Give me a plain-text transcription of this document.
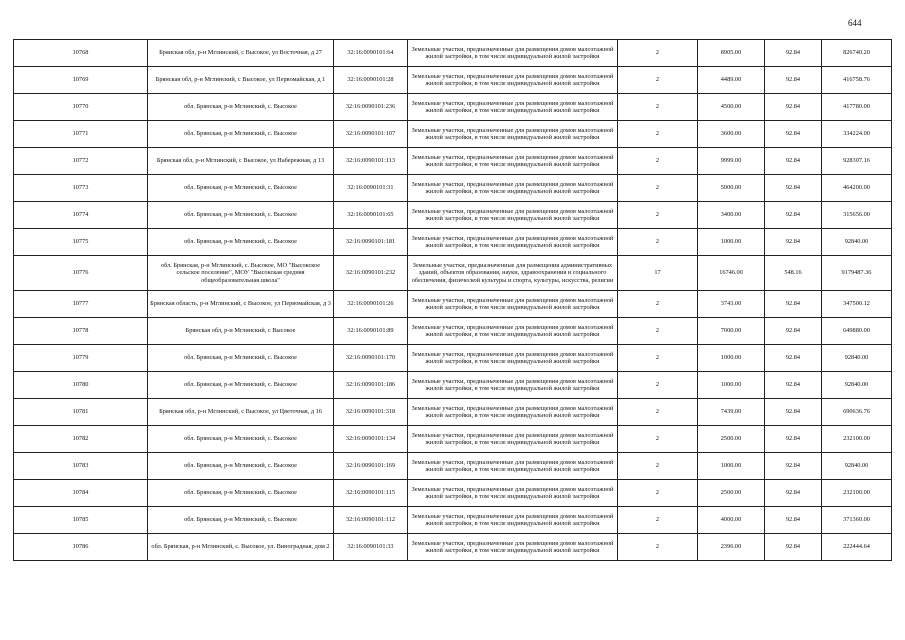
644
10768	Брянская обл, р-н Мглинский, с Высокое, ул Восточная, д 27	32:16:0090101:64	Земельные участки, предназначенные для размещения домов малоэтажной жилой застройки, в том числе индивидуальной жилой застройки	2	8905.00	92.84	826740.20
10769	Брянская обл, р-н Мглинский, с Высокое, ул Первомайская, д 1	32:16:0090101:28	Земельные участки, предназначенные для размещения домов малоэтажной жилой застройки, в том числе индивидуальной жилой застройки	2	4489.00	92.84	416758.76
10770	обл. Брянская, р-н Мглинский, с. Высокое	32:16:0090101:236	Земельные участки, предназначенные для размещения домов малоэтажной жилой застройки, в том числе индивидуальной жилой застройки	2	4500.00	92.84	417780.00
10771	обл. Брянская, р-н Мглинский, с. Высокое	32:16:0090101:107	Земельные участки, предназначенные для размещения домов малоэтажной жилой застройки, в том числе индивидуальной жилой застройки	2	3600.00	92.84	334224.00
10772	Брянская обл, р-н Мглинский, с Высокое, ул Набережная, д 13	32:16:0090101:113	Земельные участки, предназначенные для размещения домов малоэтажной жилой застройки, в том числе индивидуальной жилой застройки	2	9999.00	92.84	928307.16
10773	обл. Брянская, р-н Мглинский, с. Высокое	32:16:0090101:31	Земельные участки, предназначенные для размещения домов малоэтажной жилой застройки, в том числе индивидуальной жилой застройки	2	5000.00	92.84	464200.00
10774	обл. Брянская, р-н Мглинский, с. Высокое	32:16:0090101:65	Земельные участки, предназначенные для размещения домов малоэтажной жилой застройки, в том числе индивидуальной жилой застройки	2	3400.00	92.84	315656.00
10775	обл. Брянская, р-н Мглинский, с. Высокое	32:16:0090101:181	Земельные участки, предназначенные для размещения домов малоэтажной жилой застройки, в том числе индивидуальной жилой застройки	2	1000.00	92.84	92840.00
10776	обл. Брянская, р-н Мглинский, с. Высокое, МО "Высокское сельское поселение", МОУ "Высокская средняя общеобразовательная школа"	32:16:0090101:232	Земельные участки, предназначенные для размещения административных зданий, объектов образования, науки, здравоохранения и социального обеспечения, физической культуры и спорта, культуры, искусства, религии	17	16746.00	548.16	9179487.36
10777	Брянская область, р-н Мглинский, с Высокое, ул Первомайская, д 3	32:16:0090101:26	Земельные участки, предназначенные для размещения домов малоэтажной жилой застройки, в том числе индивидуальной жилой застройки	2	3743.00	92.84	347500.12
10778	Брянская обл, р-н Мглинский, с Высокое	32:16:0090101:89	Земельные участки, предназначенные для размещения домов малоэтажной жилой застройки, в том числе индивидуальной жилой застройки	2	7000.00	92.84	649880.00
10779	обл. Брянская, р-н Мглинский, с. Высокое	32:16:0090101:170	Земельные участки, предназначенные для размещения домов малоэтажной жилой застройки, в том числе индивидуальной жилой застройки	2	1000.00	92.84	92840.00
10780	обл. Брянская, р-н Мглинский, с. Высокое	32:16:0090101:186	Земельные участки, предназначенные для размещения домов малоэтажной жилой застройки, в том числе индивидуальной жилой застройки	2	1000.00	92.84	92840.00
10781	Брянская обл, р-н Мглинский, с Высокое, ул Цветочная, д 16	32:16:0090101:318	Земельные участки, предназначенные для размещения домов малоэтажной жилой застройки, в том числе индивидуальной жилой застройки	2	7439.00	92.84	690636.76
10782	обл. Брянская, р-н Мглинский, с. Высокое	32:16:0090101:134	Земельные участки, предназначенные для размещения домов малоэтажной жилой застройки, в том числе индивидуальной жилой застройки	2	2500.00	92.84	232100.00
10783	обл. Брянская, р-н Мглинский, с. Высокое	32:16:0090101:169	Земельные участки, предназначенные для размещения домов малоэтажной жилой застройки, в том числе индивидуальной жилой застройки	2	1000.00	92.84	92840.00
10784	обл. Брянская, р-н Мглинский, с. Высокое	32:16:0090101:115	Земельные участки, предназначенные для размещения домов малоэтажной жилой застройки, в том числе индивидуальной жилой застройки	2	2500.00	92.84	232100.00
10785	обл. Брянская, р-н Мглинский, с. Высокое	32:16:0090101:112	Земельные участки, предназначенные для размещения домов малоэтажной жилой застройки, в том числе индивидуальной жилой застройки	2	4000.00	92.84	371360.00
10786	обл. Брянская, р-н Мглинский, с. Высокое, ул. Виноградная, дом 2	32:16:0090101:33	Земельные участки, предназначенные для размещения домов малоэтажной жилой застройки, в том числе индивидуальной жилой застройки	2	2396.00	92.84	222444.64
